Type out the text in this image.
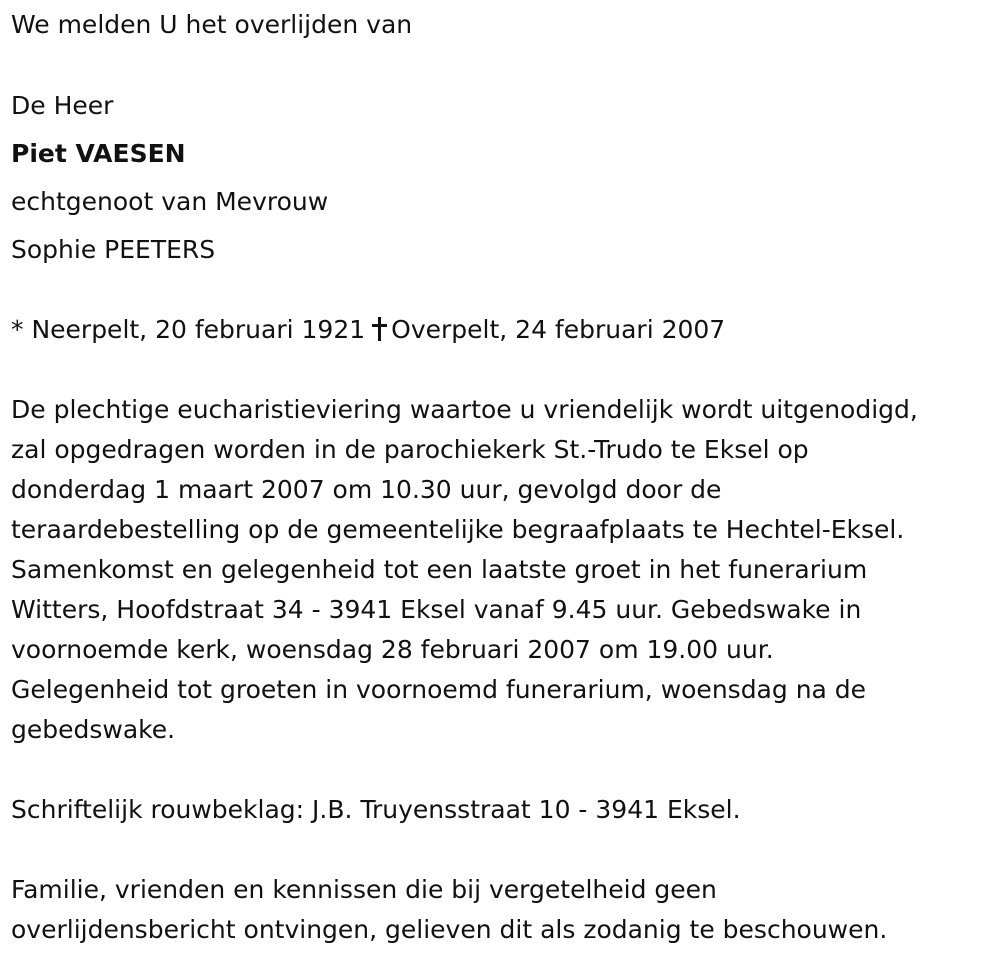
We melden U het overlijden van
De Heer
Piet VAESEN
echtgenoot van Mevrouw
Sophie PEETERS
* Neerpelt, 20 februari 1921 Overpelt, 24 februari 2007
De plechtige eucharistieviering waartoe u vriendelijk wordt uitgenodigd,
zal opgedragen worden in de parochiekerk St.-Trudo te Eksel op
donderdag 1 maart 2007 om 10.30 uur, gevolgd door de
teraardebestelling op de gemeentelijke begraafplaats te Hechtel-Eksel.
Samenkomst en gelegenheid tot een laatste groet in het funerarium
Witters, Hoofdstraat 34 - 3941 Eksel vanaf 9.45 uur. Gebedswake in
voornoemde kerk, woensdag 28 februari 2007 om 19.00 uur.
Gelegenheid tot groeten in voornoemd funerarium, woensdag na de
gebedswake.
Schriftelijk rouwbeklag: J.B. Truyensstraat 10 - 3941 Eksel.
Familie, vrienden en kennissen die bij vergetelheid geen
overlijdensbericht ontvingen, gelieven dit als zodanig te beschouwen.
